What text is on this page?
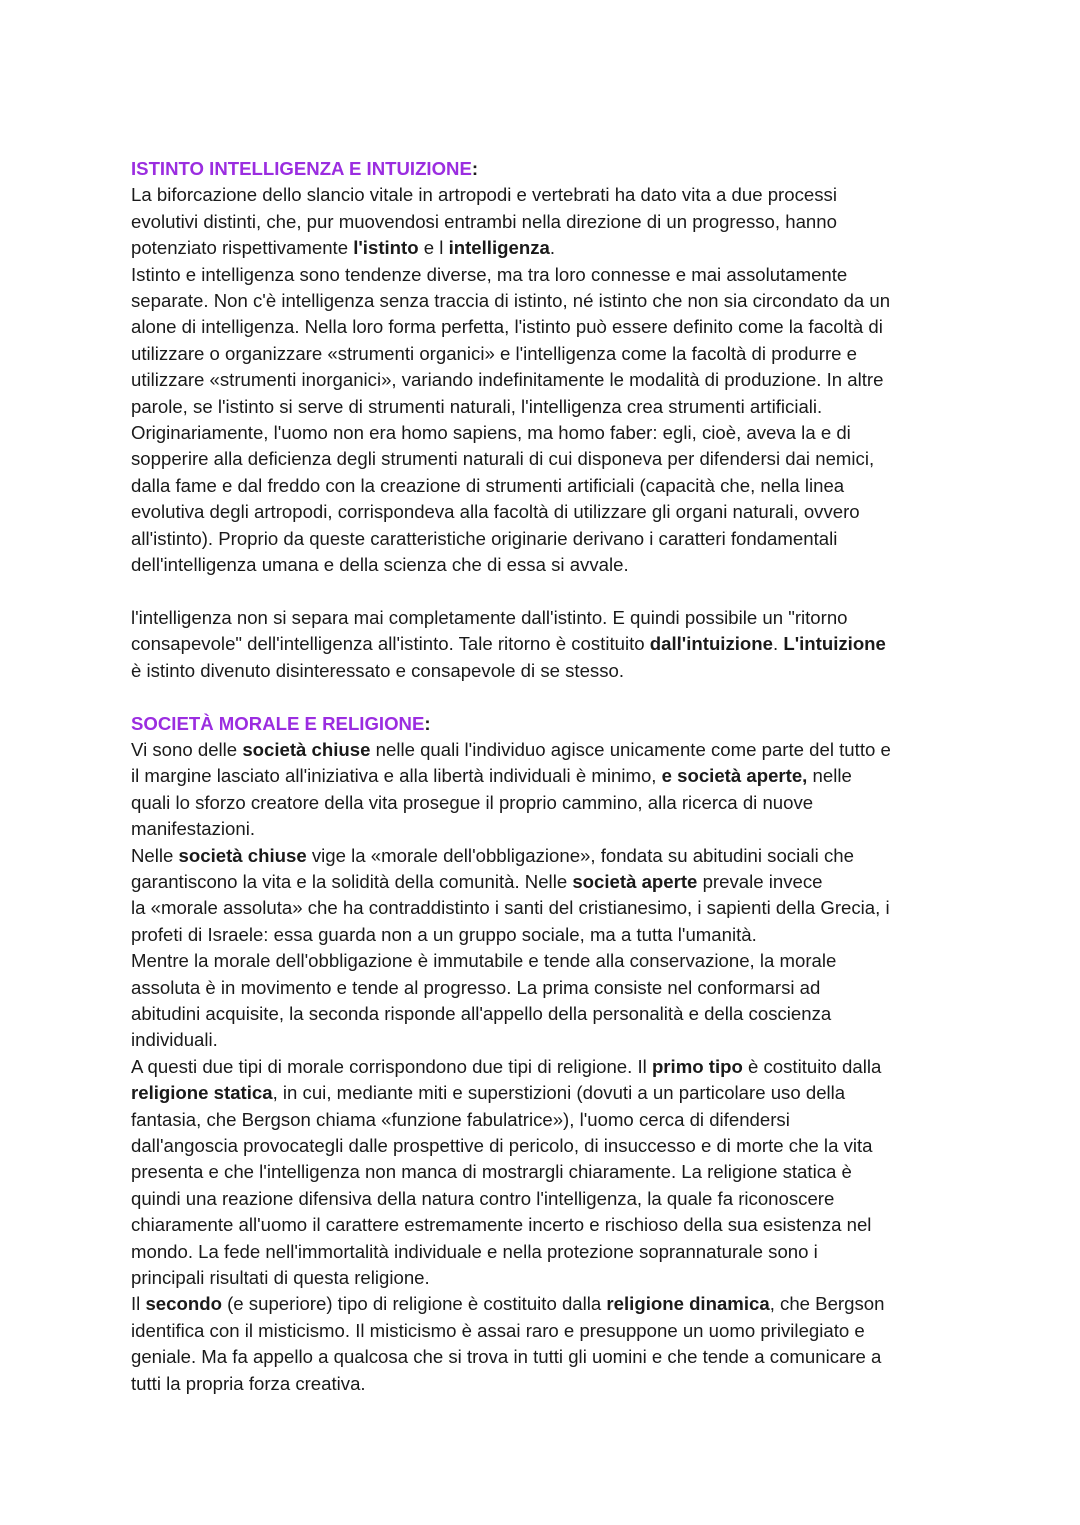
ISTINTO INTELLIGENZA E INTUIZIONE:

La biforcazione dello slancio vitale in artropodi e vertebrati ha dato vita a due processi
evolutivi distinti, che, pur muovendosi entrambi nella direzione di un progresso, hanno
potenziato rispettivamente l'istinto e l intelligenza.

Istinto e intelligenza sono tendenze diverse, ma tra loro connesse e mai assolutamente
separate. Non c'è intelligenza senza traccia di istinto, né istinto che non sia circondato da un
alone di intelligenza. Nella loro forma perfetta, l'istinto può essere definito come la facoltà di
utilizzare o organizzare «strumenti organici» e l'intelligenza come la facoltà di produrre e
utilizzare «strumenti inorganici», variando indefinitamente le modalità di produzione. In altre
parole, se l'istinto si serve di strumenti naturali, l'intelligenza crea strumenti artificiali.
Originariamente, l'uomo non era homo sapiens, ma homo faber: egli, cioè, aveva la e di
sopperire alla deficienza degli strumenti naturali di cui disponeva per difendersi dai nemici,
dalla fame e dal freddo con la creazione di strumenti artificiali (capacità che, nella linea
evolutiva degli artropodi, corrispondeva alla facoltà di utilizzare gli organi naturali, ovvero
all'istinto). Proprio da queste caratteristiche originarie derivano i caratteri fondamentali
dell'intelligenza umana e della scienza che di essa si avvale.

l'intelligenza non si separa mai completamente dall'istinto. E quindi possibile un "ritorno
consapevole" dell'intelligenza all'istinto. Tale ritorno è costituito dall'intuizione. L'intuizione
è istinto divenuto disinteressato e consapevole di se stesso.

SOCIETÀ MORALE E RELIGIONE:

Vi sono delle società chiuse nelle quali l'individuo agisce unicamente come parte del tutto e
il margine lasciato all'iniziativa e alla libertà individuali è minimo, e società aperte, nelle
quali lo sforzo creatore della vita prosegue il proprio cammino, alla ricerca di nuove
manifestazioni.

Nelle società chiuse vige la «morale dell'obbligazione», fondata su abitudini sociali che
garantiscono la vita e la solidità della comunità. Nelle società aperte prevale invece
la «morale assoluta» che ha contraddistinto i santi del cristianesimo, i sapienti della Grecia, i
profeti di Israele: essa guarda non a un gruppo sociale, ma a tutta l'umanità.

Mentre la morale dell'obbligazione è immutabile e tende alla conservazione, la morale
assoluta è in movimento e tende al progresso. La prima consiste nel conformarsi ad
abitudini acquisite, la seconda risponde all'appello della personalità e della coscienza
individuali.

A questi due tipi di morale corrispondono due tipi di religione. Il primo tipo è costituito dalla
religione statica, in cui, mediante miti e superstizioni (dovuti a un particolare uso della
fantasia, che Bergson chiama «funzione fabulatrice»), l'uomo cerca di difendersi
dall'angoscia provocategli dalle prospettive di pericolo, di insuccesso e di morte che la vita
presenta e che l'intelligenza non manca di mostrargli chiaramente. La religione statica è
quindi una reazione difensiva della natura contro l'intelligenza, la quale fa riconoscere
chiaramente all'uomo il carattere estremamente incerto e rischioso della sua esistenza nel
mondo. La fede nell'immortalità individuale e nella protezione soprannaturale sono i
principali risultati di questa religione.

Il secondo (e superiore) tipo di religione è costituito dalla religione dinamica, che Bergson
identifica con il misticismo. Il misticismo è assai raro e presuppone un uomo privilegiato e
geniale. Ma fa appello a qualcosa che si trova in tutti gli uomini e che tende a comunicare a
tutti la propria forza creativa.
